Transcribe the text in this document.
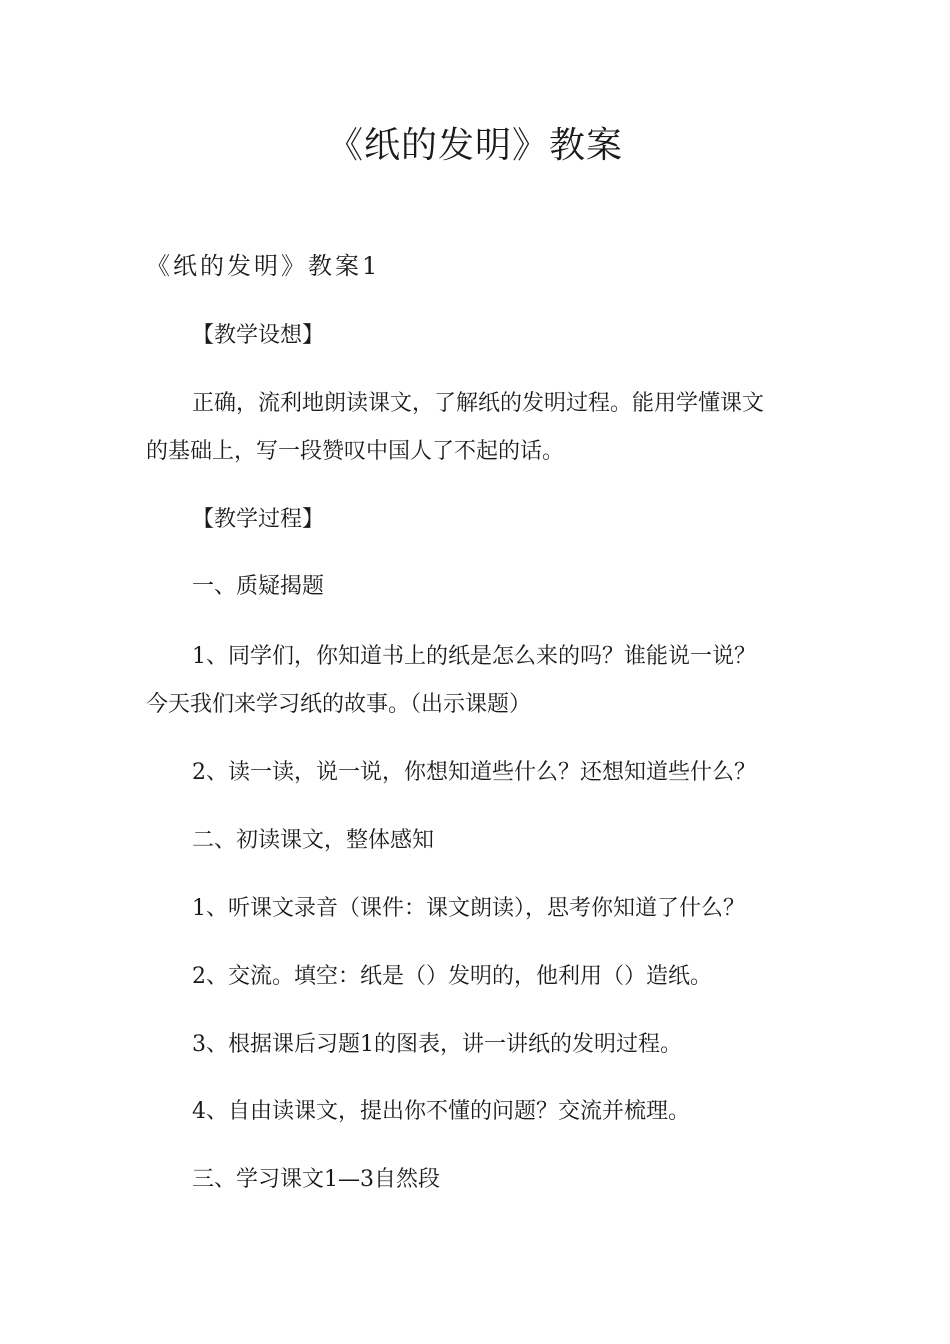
《纸的发明》教案
《纸的发明》教案1

【教学设想】

正确，流利地朗读课文，了解纸的发明过程。能用学懂课文

的基础上，写一段赞叹中国人了不起的话。

【教学过程】

一、质疑揭题

1、同学们，你知道书上的纸是怎么来的吗？谁能说一说？

今天我们来学习纸的故事。（出示课题）

2、读一读，说一说，你想知道些什么？还想知道些什么？

二、初读课文，整体感知

1、听课文录音（课件：课文朗读），思考你知道了什么？

2、交流。填空：纸是（）发明的，他利用（）造纸。

3、根据课后习题1的图表，讲一讲纸的发明过程。

4、自由读课文，提出你不懂的问题？交流并梳理。

三、学习课文1—3自然段
